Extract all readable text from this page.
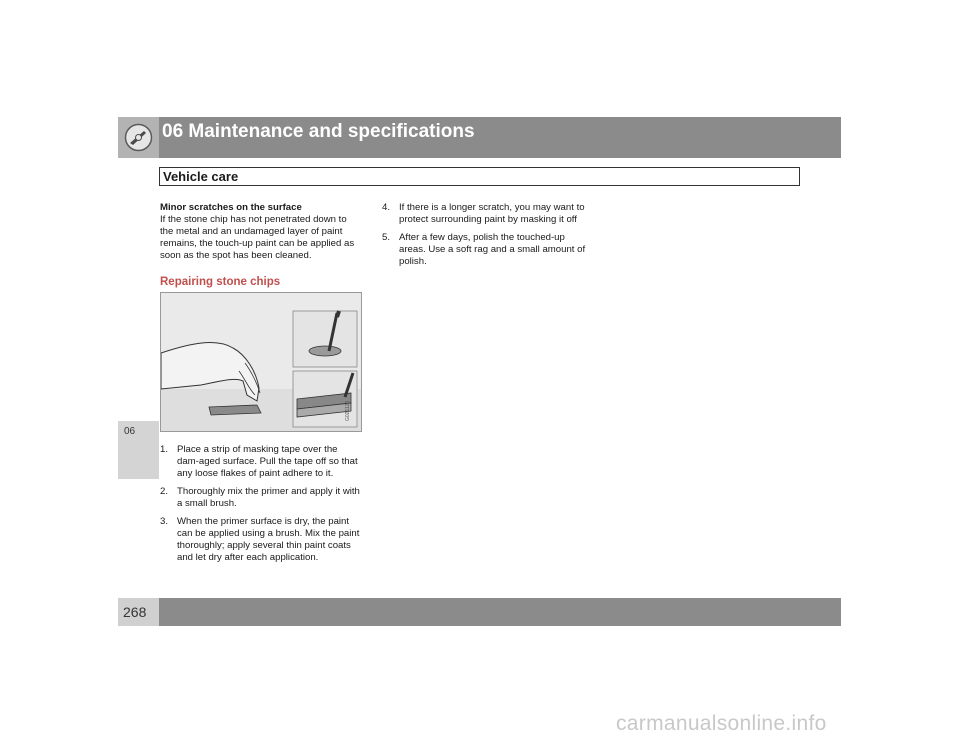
06 Maintenance and specifications
Vehicle care
06
Minor scratches on the surface
If the stone chip has not penetrated down to the metal and an undamaged layer of paint remains, the touch-up paint can be applied as soon as the spot has been cleaned.
Repairing stone chips
G021123
1. Place a strip of masking tape over the dam-aged surface. Pull the tape off so that any loose flakes of paint adhere to it.
2. Thoroughly mix the primer and apply it with a small brush.
3. When the primer surface is dry, the paint can be applied using a brush. Mix the paint thoroughly; apply several thin paint coats and let dry after each application.
4. If there is a longer scratch, you may want to protect surrounding paint by masking it off
5. After a few days, polish the touched-up areas. Use a soft rag and a small amount of polish.
268
carmanualsonline.info
